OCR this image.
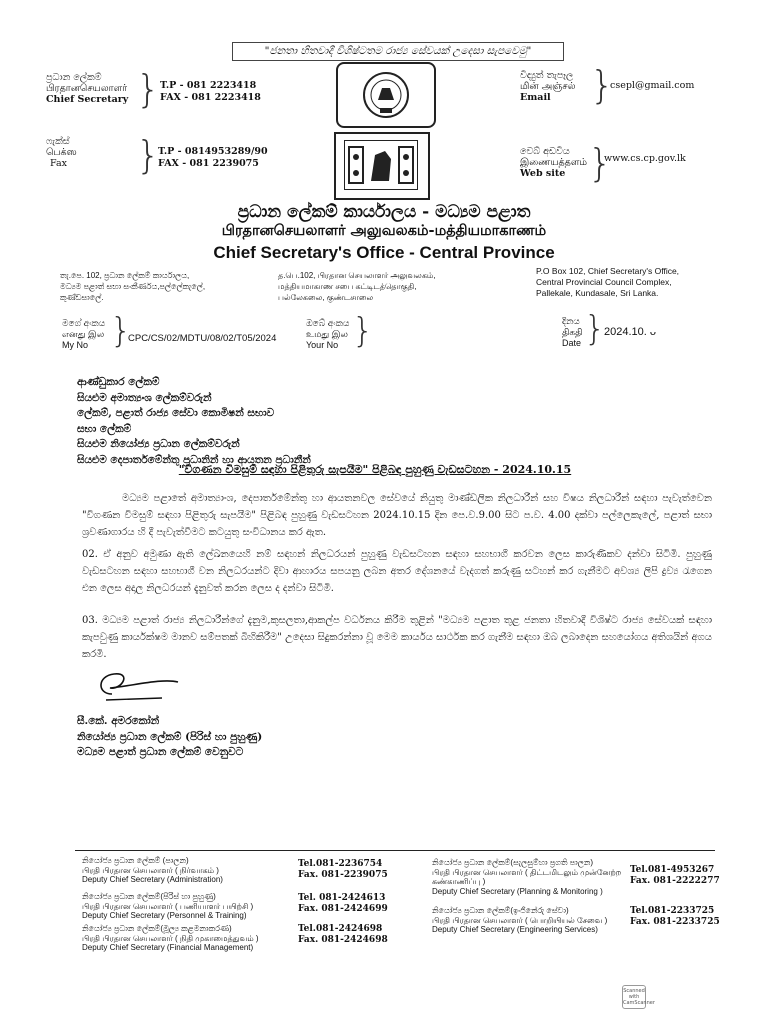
"ජනතා හිතවාදී විශිෂ්ටතම රාජ්‍ය සේවයක් උදෙසා සැපවෙමු"
ප්‍රධාන ලේකම්
பிரதானசெயலாளர்
Chief Secretary } T.P - 081 2223418
FAX - 081 2223418
ෆැක්ස්
பெக்ஸ
Fax }
T.P - 0814953289/90
FAX - 081 2239075
විද්‍යුත් තැපෑල
மின் அஞ்சல்
Email	}
csepl@gmail.com
වෙබ් අඩවිය
இணையத்தளம்
Web site }
www.cs.cp.gov.lk
ප්‍රධාන ලේකම් කාර්යාලය - මධ්‍යම පළාත
பிரதானசெயலாளர் அலுவலகம்-மத்தியமாகாணம்
Chief Secretary's Office - Central Province
තැ.පෙ. 102, ප්‍රධාන ලේකම් කාර්යාලය,
මධ්‍යම පළාත් සභා සංකීර්ණය,පල්ලේකැලේ,
කුණ්ඩසාලේ.
த.பெ.102, பிரதான செயலாளர் அலுவலகம்,
மத்தியமாகாண சபை கட்டிடத்தொகுதி,
பல்லேகலை, குண்டசாலை
P.O Box 102, Chief Secretary's Office,
Central Provincial Council Complex,
Pallekale, Kundasale, Sri Lanka.
මගේ අංකය
எனது இல
My No }
CPC/CS/02/MDTU/08/02/T05/2024
ඔබේ අංකය
உமது இல
Your No }	දිනය
திகதி
Date }
2024.10. ᴗ
ආණ්ඩුකාර ලේකම්
සියළුම අමාත්‍යංශ ලේකම්වරුන්
ලේකම්, පළාත් රාජ්‍ය සේවා කොමිෂන් සභාව
සභා ලේකම්
සියළුම නියෝජ්‍ය ප්‍රධාන ලේකම්වරුන්
සියළුම දෙපාර්තමේන්තු ප්‍රධානින් හා ආයතන ප්‍රධානීන්
"විගණන විමසුම් සඳහා පිළිතුරු සැපයීම" පිළිබඳ පුහුණු වැඩසටහන - 2024.10.15
මධ්‍යම පළාතේ අමාත්‍යාංශ, දෙපාර්තමේන්තු හා ආයතනවල සේවයේ නියුතු මාණ්ඩලික නිලධාරීන් සහ විෂය නිලධාරීන් සඳහා පැවැත්වෙන "විගණන විමසුම් සඳහා පිළිතුරු සැපයීම" පිළිබඳ පුහුණු වැඩසටහන 2024.10.15 දින පෙ.ව.9.00 සිට ප.ව. 4.00 දක්වා පල්ලෙකැලේ, පළාත් සභා ශ්‍රවණාගාරය හි දී පැවැත්වීමට කටයුතු සංවිධානය කර ඇත.
02. ඒ අනුව අමුණා ඇති ලේඛනයෙහි නම් සඳහන් නිලධරයන් පුහුණු වැඩසටහන සඳහා සහභාගී කරවන ලෙස කාරුණිකව දන්වා සිටිමි. පුහුණු වැඩසටහන සඳහා සහභාගී වන නිලධරයන්ට දිවා ආහාරය සපයනු ලබන අතර දේශනයේ වැදගත් කරුණු සටහන් කර ගැනීමට අවශ්‍ය ලිපි ද්‍රව්‍ය රැගෙන එන ලෙස අදාල නිලධරයන් දැනුවත් කරන ලෙස ද දන්වා සිටිමි.
03. මධ්‍යම පළාත් රාජ්‍ය නිලධාරීන්ගේ දැනුම,කුසලතා,ආකල්ප වර්ධනය කිරීම තුළින් "මධ්‍යම පළාත තුළ ජනතා හිතවාදී විශිෂ්ට රාජ්‍ය සේවයක් සඳහා කැපවුණු කාර්යක්ෂම මානව සම්පතක් බිහිකිරීම" උදෙසා සිදුකරන්නා වූ මෙම කාර්යය සාර්ථක කර ගැනීම සඳහා ඔබ ලබාදෙන සහයෝගය අතිශයින් අගය කරමි.
සී.කේ. අමරකෝන්
නියෝජ්‍ය ප්‍රධාන ලේකම් (පිරිස් හා පුහුණු)
මධ්‍යම පළාත් ප්‍රධාන ලේකම් වෙනුවට
නියෝජ්‍ය ප්‍රධාන ලේකම් (පාලන)
பிரதி பிரதான செயலாளர் ( நிர்வாகம் )
Deputy Chief Secretary (Administration)
Tel.081-2236754
Fax. 081-2239075
නියෝජ්‍ය ප්‍රධාන ලේකම්(පිරිස් හා පුහුණු)
பிரதி பிரதான செயலாளர் ( பணியாளர் பயிற்சி )
Deputy Chief Secretary (Personnel & Training)
Tel. 081-2424613
Fax. 081-2424699
නියෝජ්‍ය ප්‍රධාන ලේකම්(මූල්‍ය කළමනාකරණ)
பிரதி பிரதான செயலாளர் ( நிதி முகாமைத்துவம் )
Deputy Chief Secretary (Financial Management)
Tel.081-2424698
Fax. 081-2424698
නියෝජ්‍ය ප්‍රධාන ලේකම්(සැලසුම්හා ප්‍රගති පාලන)
பிரதி பிரதான செயலாளர் ( திட்டமிடலும் முன்னேற்ற
கண்காணிப்பு )
Deputy Chief Secretary (Planning & Monitoring )
Tel.081-4953267
Fax. 081-2222277
නියෝජ්‍ය ප්‍රධාන ලේකම්(ඉංජිනේරු සේවා)
பிரதி பிரதான செயலாளர் ( பொறியியல் சேவை )
Deputy Chief Secretary (Engineering Services)
Tel.081-2233725
Fax. 081-2233725
Scanned with CamScanner
